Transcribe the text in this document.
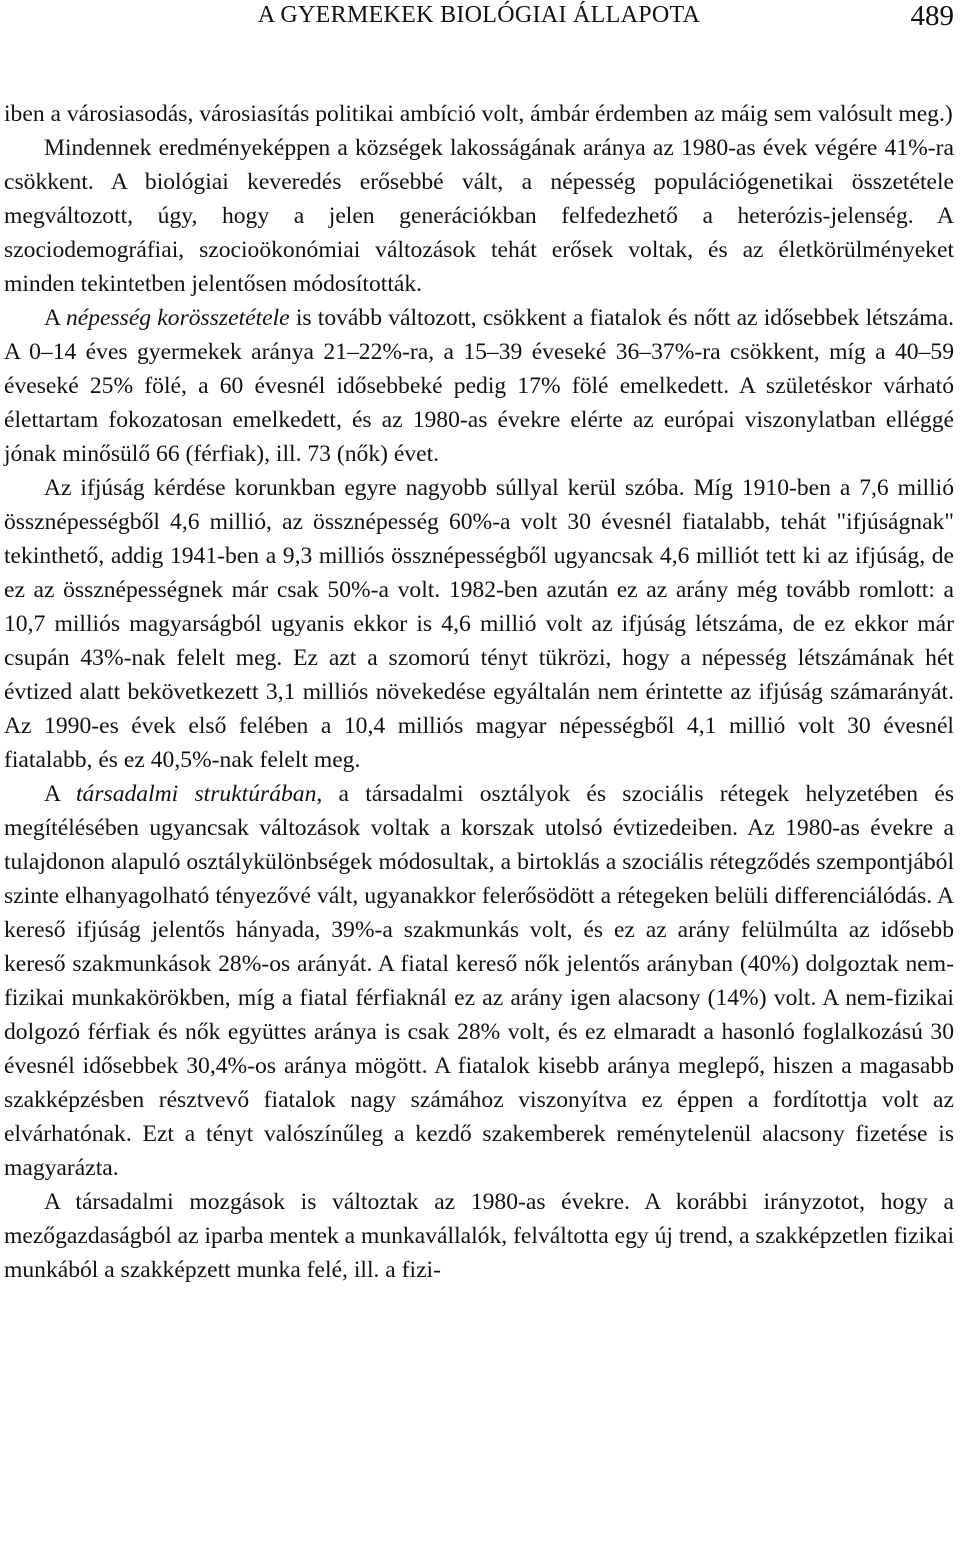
A GYERMEKEK BIOLÓGIAI ÁLLAPOTA	489

iben a városiasodás, városiasítás politikai ambíció volt, ámbár érdemben az máig sem valósult meg.)

Mindennek eredményeképpen a községek lakosságának aránya az 1980-as évek végére 41%-ra csökkent. A biológiai keveredés erősebbé vált, a népesség populációgenetikai összetétele megváltozott, úgy, hogy a jelen generációkban felfedezhető a heterózis-jelenség. A szociodemográfiai, szocioökonómiai változások tehát erősek voltak, és az életkörülményeket minden tekintetben jelentősen módosították.

A népesség korösszetétele is tovább változott, csökkent a fiatalok és nőtt az idősebbek létszáma. A 0–14 éves gyermekek aránya 21–22%-ra, a 15–39 éveseké 36–37%-ra csökkent, míg a 40–59 éveseké 25% fölé, a 60 évesnél idősebbeké pedig 17% fölé emelkedett. A születéskor várható élettartam fokozatosan emelkedett, és az 1980-as évekre elérte az európai viszonylatban elléggé jónak minősülő 66 (férfiak), ill. 73 (nők) évet.

Az ifjúság kérdése korunkban egyre nagyobb súllyal kerül szóba. Míg 1910-ben a 7,6 millió össznépességből 4,6 millió, az össznépesség 60%-a volt 30 évesnél fiatalabb, tehát "ifjúságnak" tekinthető, addig 1941-ben a 9,3 milliós össznépességből ugyancsak 4,6 milliót tett ki az ifjúság, de ez az össznépességnek már csak 50%-a volt. 1982-ben azután ez az arány még tovább romlott: a 10,7 milliós magyarságból ugyanis ekkor is 4,6 millió volt az ifjúság létszáma, de ez ekkor már csupán 43%-nak felelt meg. Ez azt a szomorú tényt tükrözi, hogy a népesség létszámának hét évtized alatt bekövetkezett 3,1 milliós növekedése egyáltalán nem érintette az ifjúság számarányát. Az 1990-es évek első felében a 10,4 milliós magyar népességből 4,1 millió volt 30 évesnél fiatalabb, és ez 40,5%-nak felelt meg.

A társadalmi struktúrában, a társadalmi osztályok és szociális rétegek helyzetében és megítélésében ugyancsak változások voltak a korszak utolsó évtizedeiben. Az 1980-as évekre a tulajdonon alapuló osztálykülönbségek módosultak, a birtoklás a szociális rétegződés szempontjából szinte elhanyagolható tényezővé vált, ugyanakkor felerősödött a rétegeken belüli differenciálódás. A kereső ifjúság jelentős hányada, 39%-a szakmunkás volt, és ez az arány felülmúlta az idősebb kereső szakmunkások 28%-os arányát. A fiatal kereső nők jelentős arányban (40%) dolgoztak nem-fizikai munkakörökben, míg a fiatal férfiaknál ez az arány igen alacsony (14%) volt. A nem-fizikai dolgozó férfiak és nők együttes aránya is csak 28% volt, és ez elmaradt a hasonló foglalkozású 30 évesnél idősebbek 30,4%-os aránya mögött. A fiatalok kisebb aránya meglepő, hiszen a magasabb szakképzésben résztvevő fiatalok nagy számához viszonyítva ez éppen a fordítottja volt az elvárhatónak. Ezt a tényt valószínűleg a kezdő szakemberek reménytelenül alacsony fizetése is magyarázta.

A társadalmi mozgások is változtak az 1980-as évekre. A korábbi irányzotot, hogy a mezőgazdaságból az iparba mentek a munkavállalók, felváltotta egy új trend, a szakképzetlen fizikai munkából a szakképzett munka felé, ill. a fizi-
